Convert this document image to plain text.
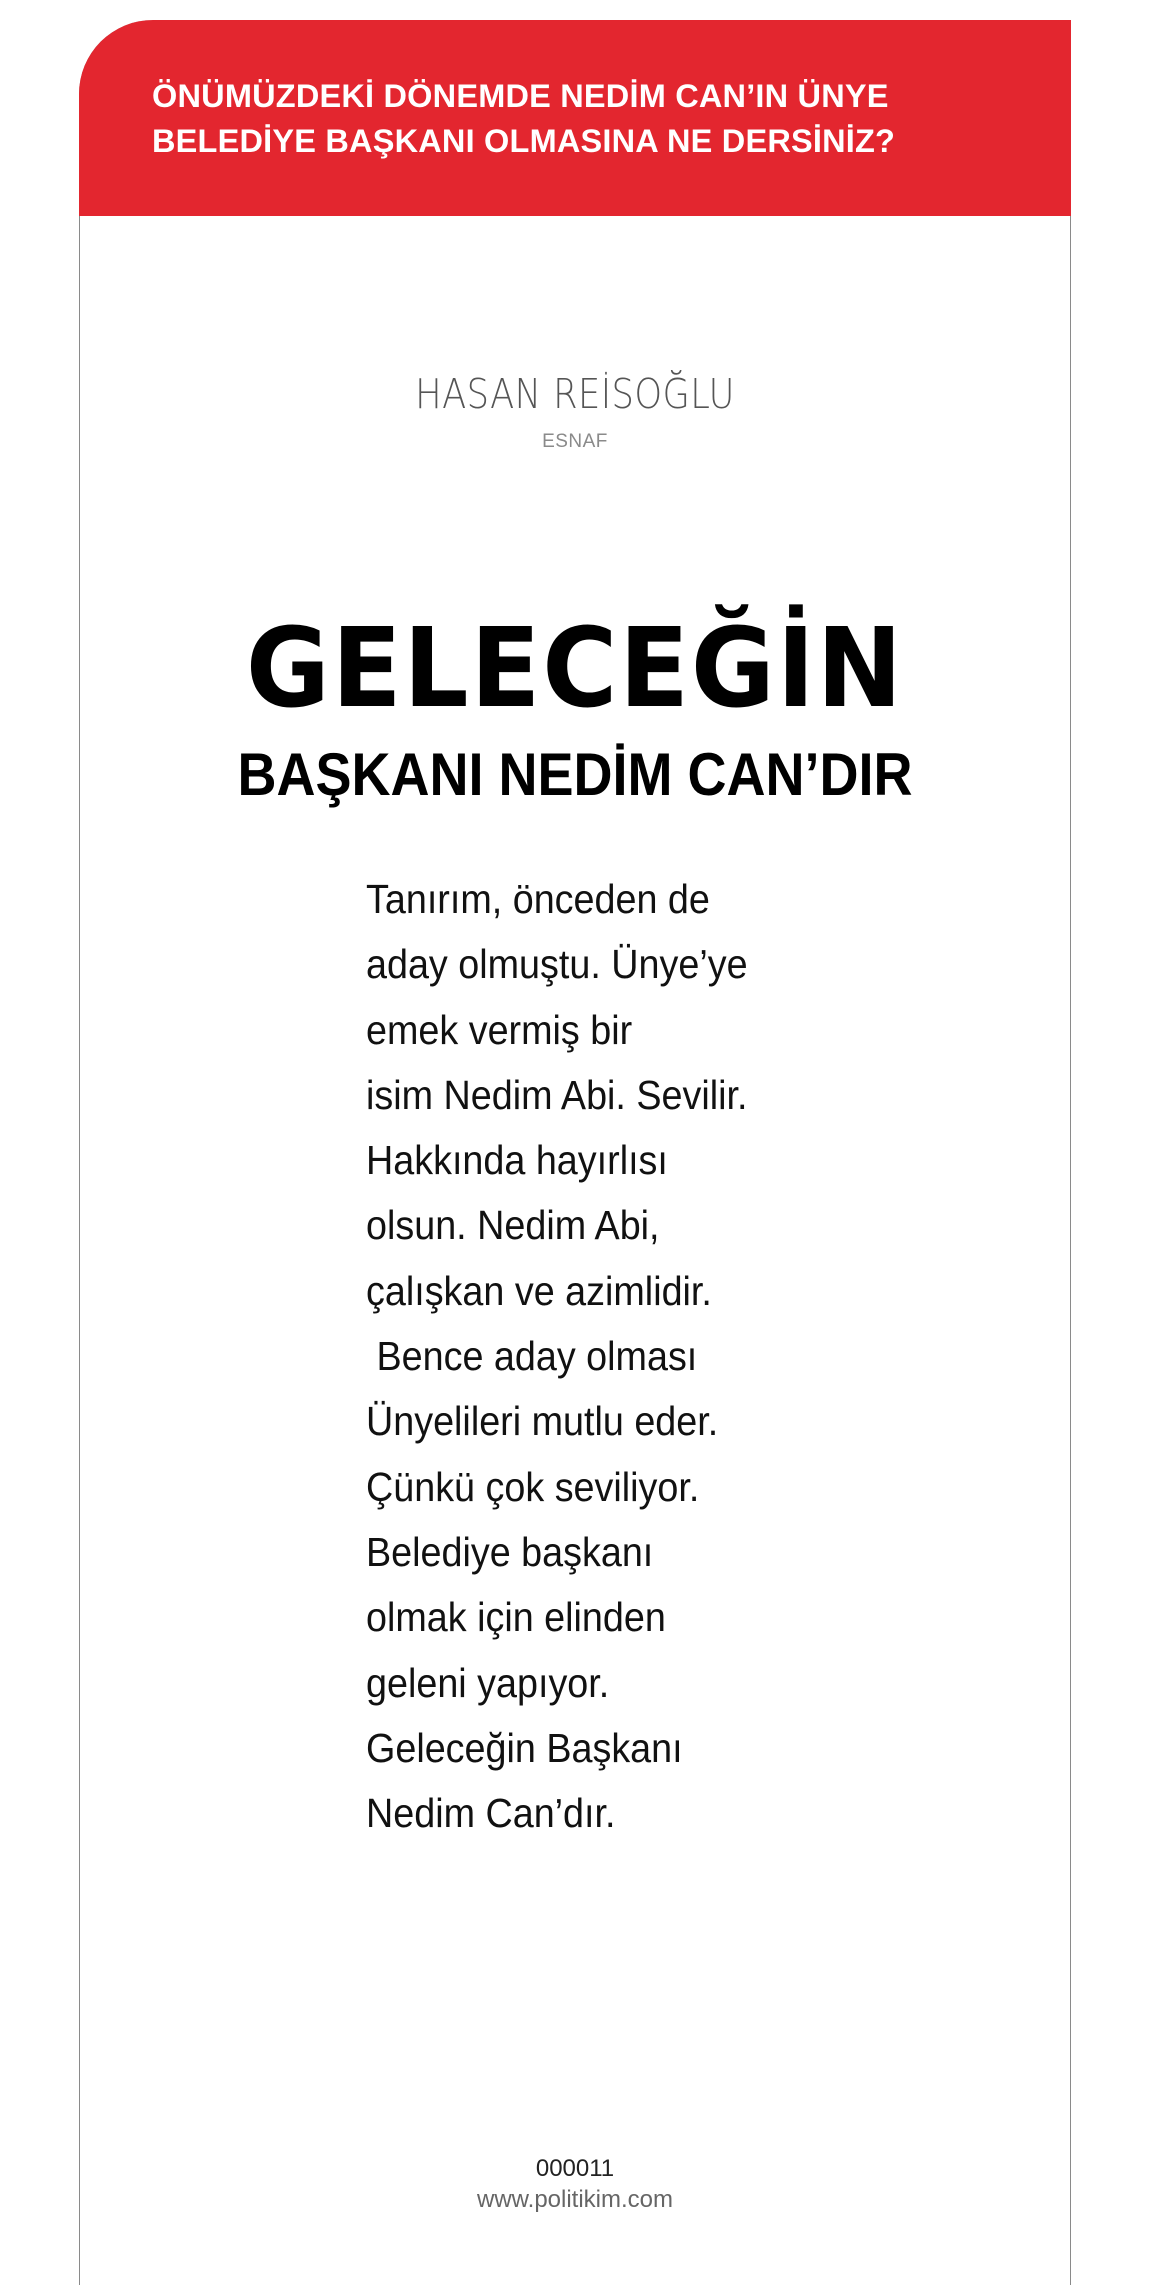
ÖNÜMÜZDEKİ DÖNEMDE NEDİM CAN’IN ÜNYE
BELEDİYE BAŞKANI OLMASINA NE DERSİNİZ?

HASAN REİSOĞLU
ESNAF
GELECEĞİN
BAŞKANI NEDİM CAN’DIR
Tanırım, önceden de
aday olmuştu. Ünye’ye
emek vermiş bir
isim Nedim Abi. Sevilir.
Hakkında hayırlısı
olsun. Nedim Abi,
çalışkan ve azimlidir.
Bence aday olması
Ünyelileri mutlu eder.
Çünkü çok seviliyor.
Belediye başkanı
olmak için elinden
geleni yapıyor.
Geleceğin Başkanı
Nedim Can’dır.
000011
www.politikim.com
